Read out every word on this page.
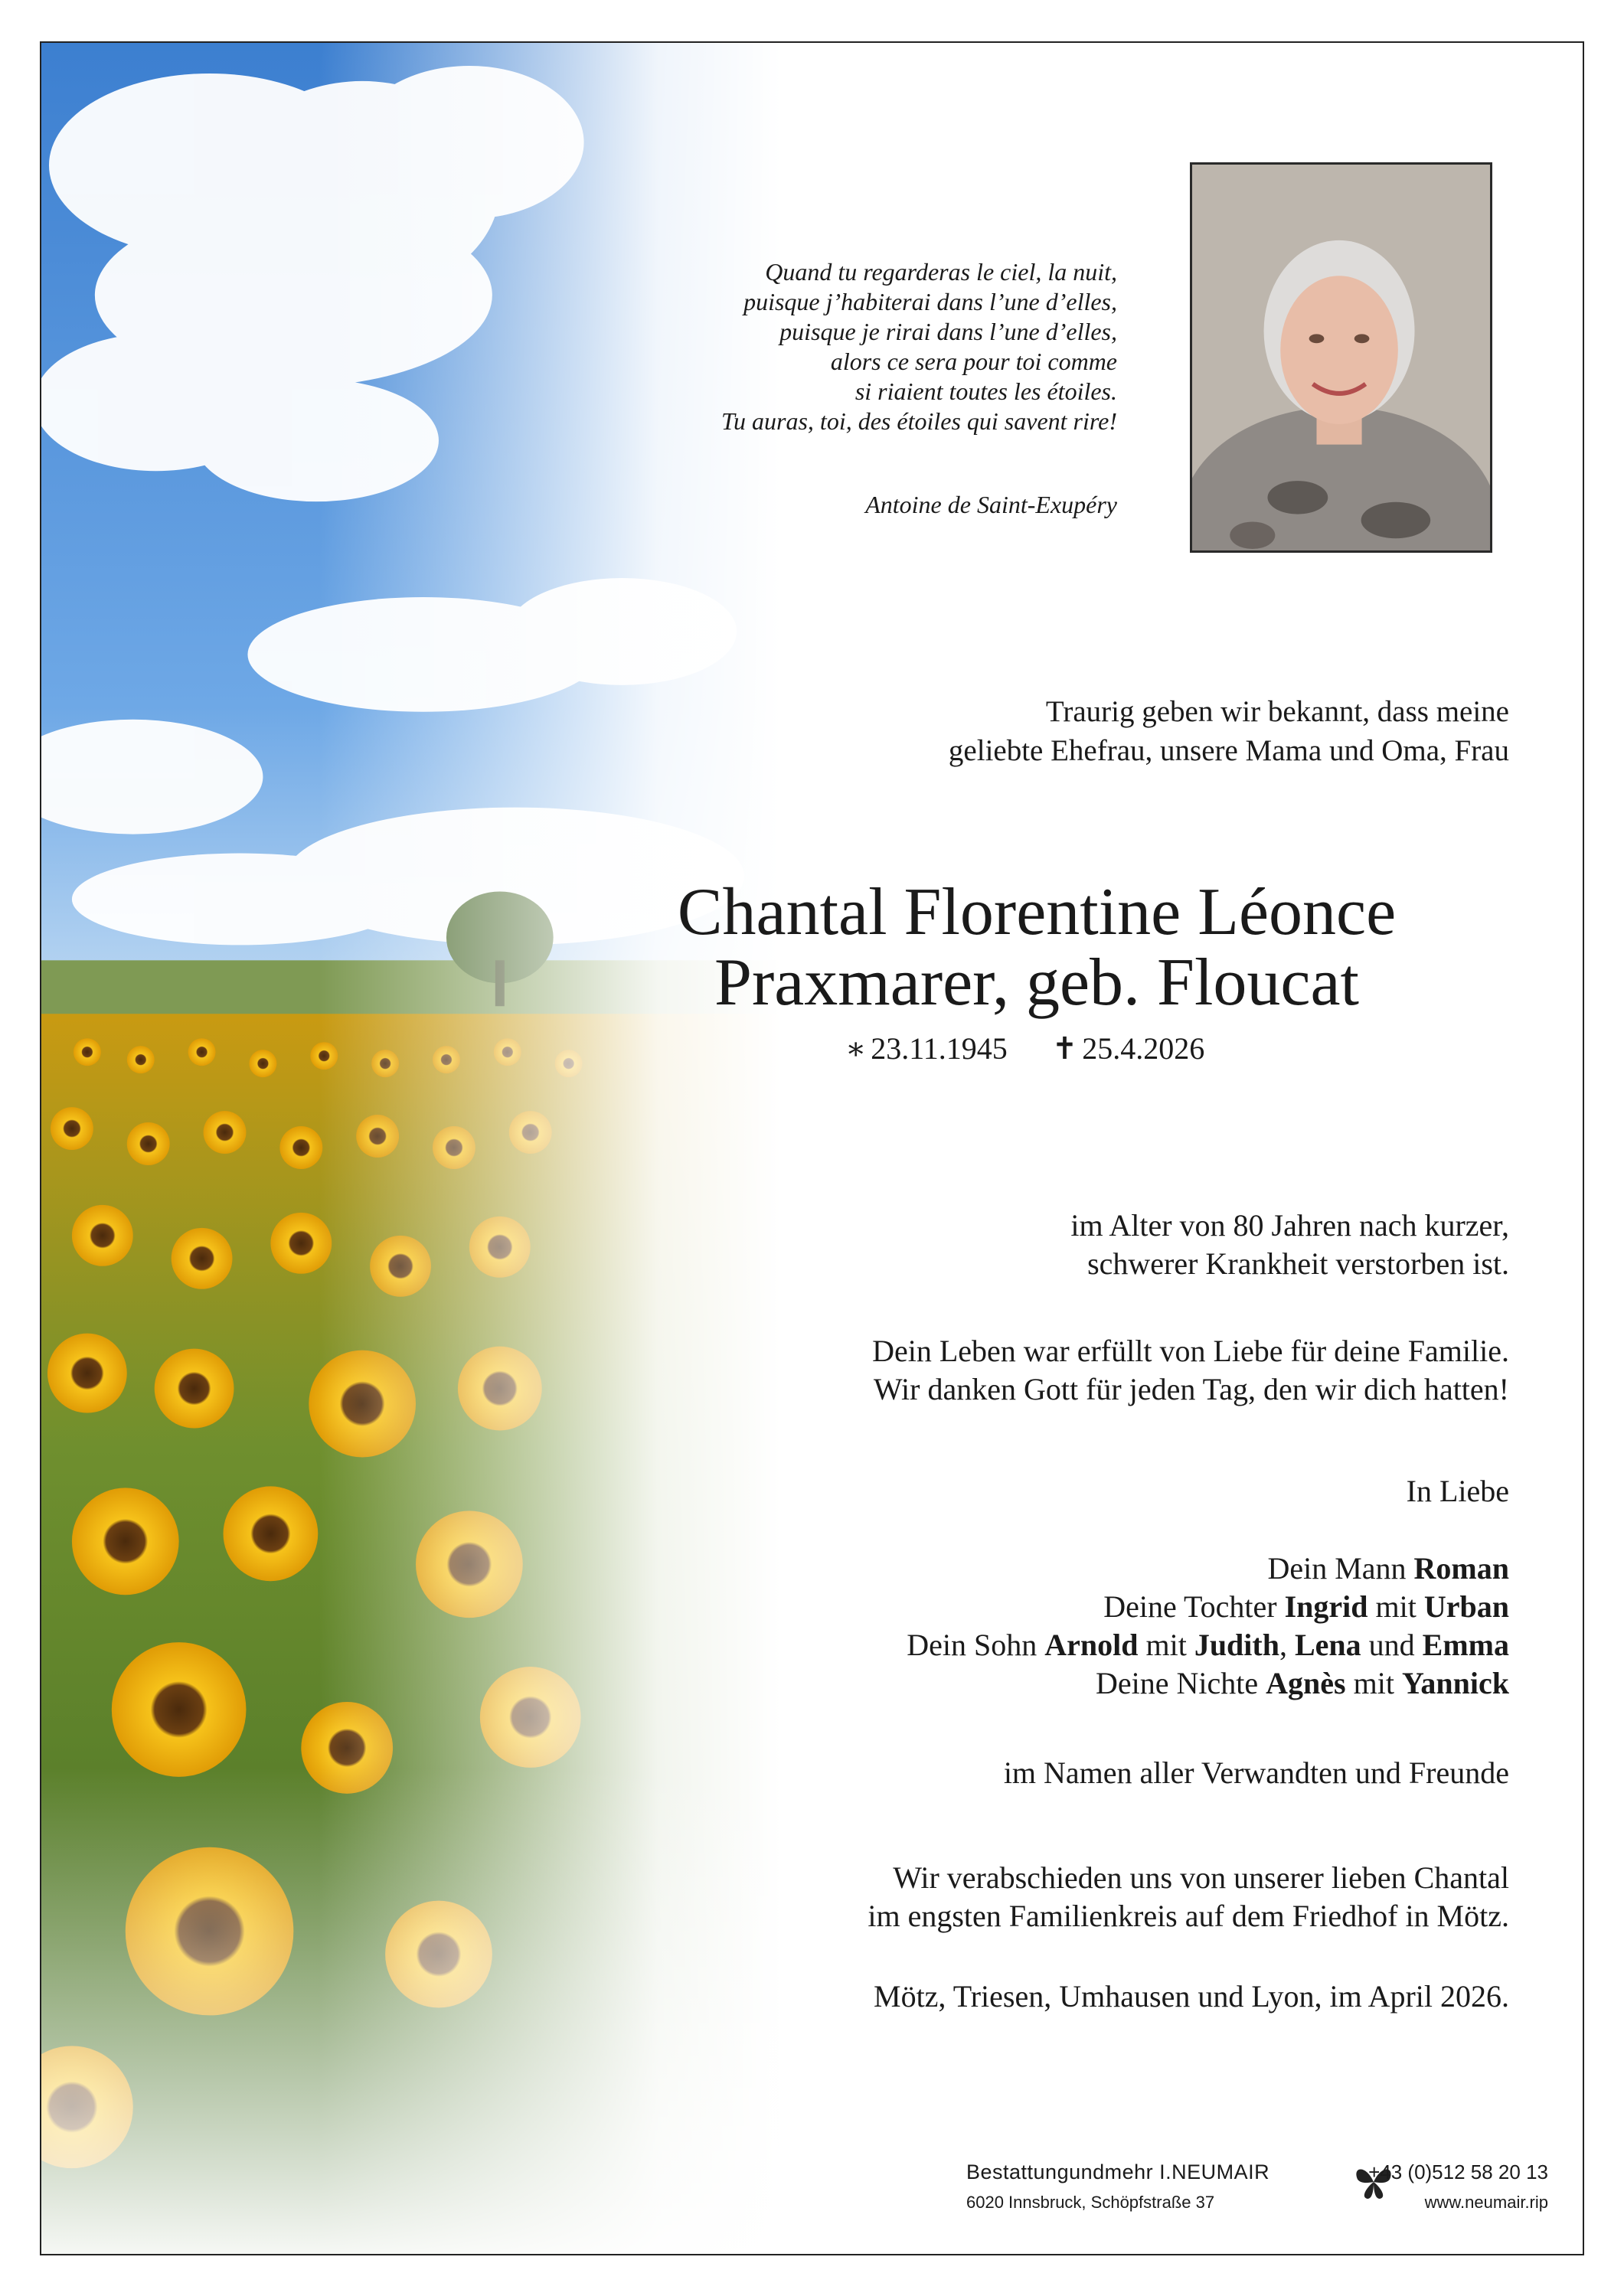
Quand tu regarderas le ciel, la nuit,
puisque j’habiterai dans l’une d’elles,
puisque je rirai dans l’une d’elles,
alors ce sera pour toi comme
si riaient toutes les étoiles.
Tu auras, toi, des étoiles qui savent rire!
Antoine de Saint-Exupéry
Traurig geben wir bekannt, dass meine
geliebte Ehefrau, unsere Mama und Oma, Frau
Chantal Florentine Léonce
Praxmarer, geb. Floucat
∗ 23.11.1945 ✝ 25.4.2026
im Alter von 80 Jahren nach kurzer,
schwerer Krankheit verstorben ist.
Dein Leben war erfüllt von Liebe für deine Familie.
Wir danken Gott für jeden Tag, den wir dich hatten!
In Liebe
Dein Mann Roman
Deine Tochter Ingrid mit Urban
Dein Sohn Arnold mit Judith, Lena und Emma
Deine Nichte Agnès mit Yannick
im Namen aller Verwandten und Freunde
Wir verabschieden uns von unserer lieben Chantal
im engsten Familienkreis auf dem Friedhof in Mötz.
Mötz, Triesen, Umhausen und Lyon, im April 2026.
Bestattungundmehr I.NEUMAIR
6020 Innsbruck, Schöpfstraße 37
+43 (0)512 58 20 13
www.neumair.rip
